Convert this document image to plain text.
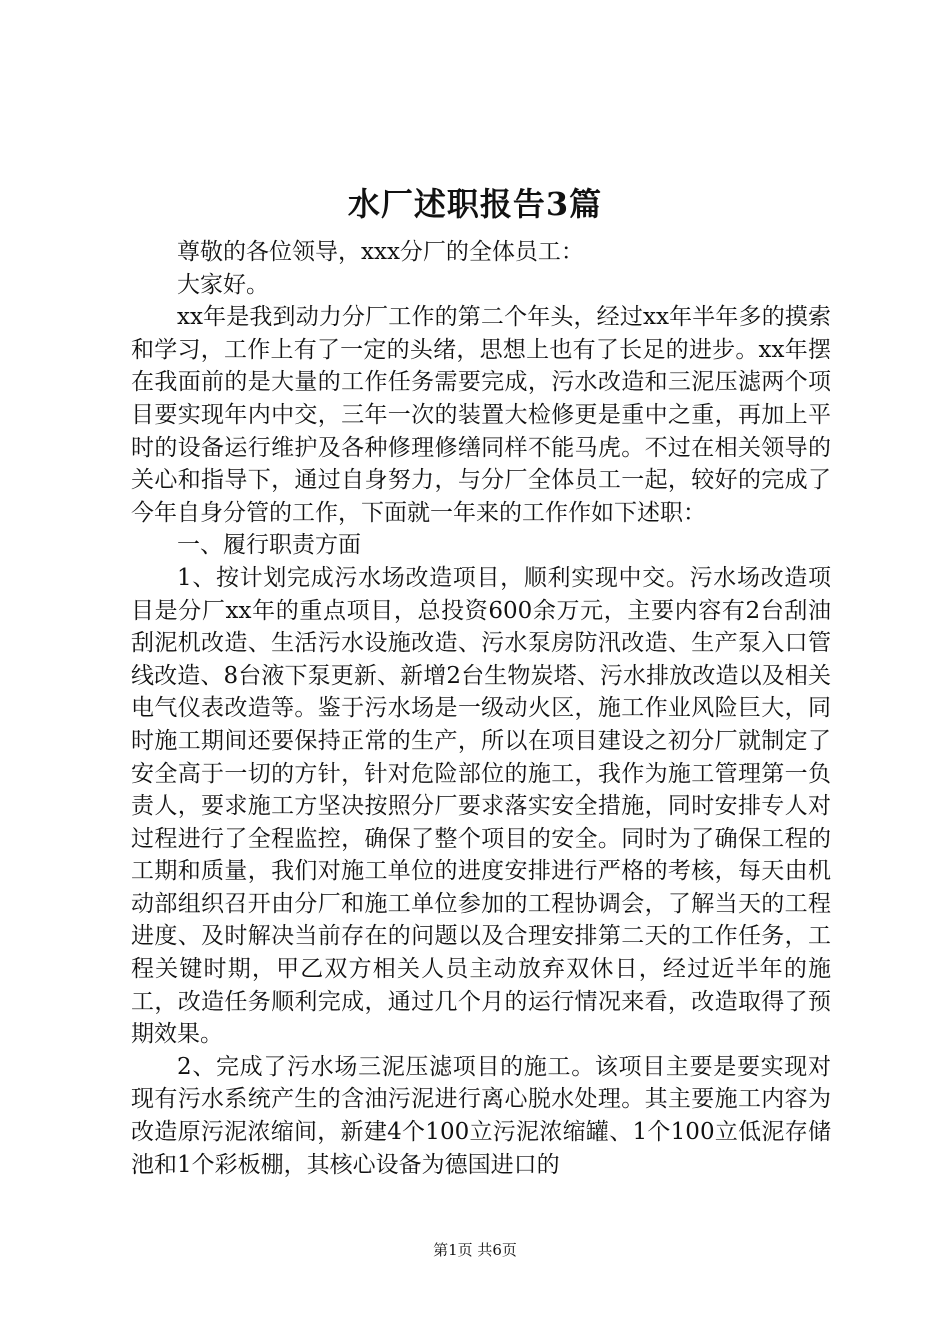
水厂述职报告3篇

尊敬的各位领导，xxx分厂的全体员工：

大家好。

xx年是我到动力分厂工作的第二个年头，经过xx年半年多的摸索和学习，工作上有了一定的头绪，思想上也有了长足的进步。xx年摆在我面前的是大量的工作任务需要完成，污水改造和三泥压滤两个项目要实现年内中交，三年一次的装置大检修更是重中之重，再加上平时的设备运行维护及各种修理修缮同样不能马虎。不过在相关领导的关心和指导下，通过自身努力，与分厂全体员工一起，较好的完成了今年自身分管的工作，下面就一年来的工作作如下述职：

一、履行职责方面

1、按计划完成污水场改造项目，顺利实现中交。污水场改造项目是分厂xx年的重点项目，总投资600余万元，主要内容有2台刮油刮泥机改造、生活污水设施改造、污水泵房防汛改造、生产泵入口管线改造、8台液下泵更新、新增2台生物炭塔、污水排放改造以及相关电气仪表改造等。鉴于污水场是一级动火区，施工作业风险巨大，同时施工期间还要保持正常的生产，所以在项目建设之初分厂就制定了安全高于一切的方针，针对危险部位的施工，我作为施工管理第一负责人，要求施工方坚决按照分厂要求落实安全措施，同时安排专人对过程进行了全程监控，确保了整个项目的安全。同时为了确保工程的工期和质量，我们对施工单位的进度安排进行严格的考核，每天由机动部组织召开由分厂和施工单位参加的工程协调会，了解当天的工程进度、及时解决当前存在的问题以及合理安排第二天的工作任务，工程关键时期，甲乙双方相关人员主动放弃双休日，经过近半年的施工，改造任务顺利完成，通过几个月的运行情况来看，改造取得了预期效果。

2、完成了污水场三泥压滤项目的施工。该项目主要是要实现对现有污水系统产生的含油污泥进行离心脱水处理。其主要施工内容为改造原污泥浓缩间，新建4个100立污泥浓缩罐、1个100立低泥存储池和1个彩板棚，其核心设备为德国进口的

第1页 共6页
